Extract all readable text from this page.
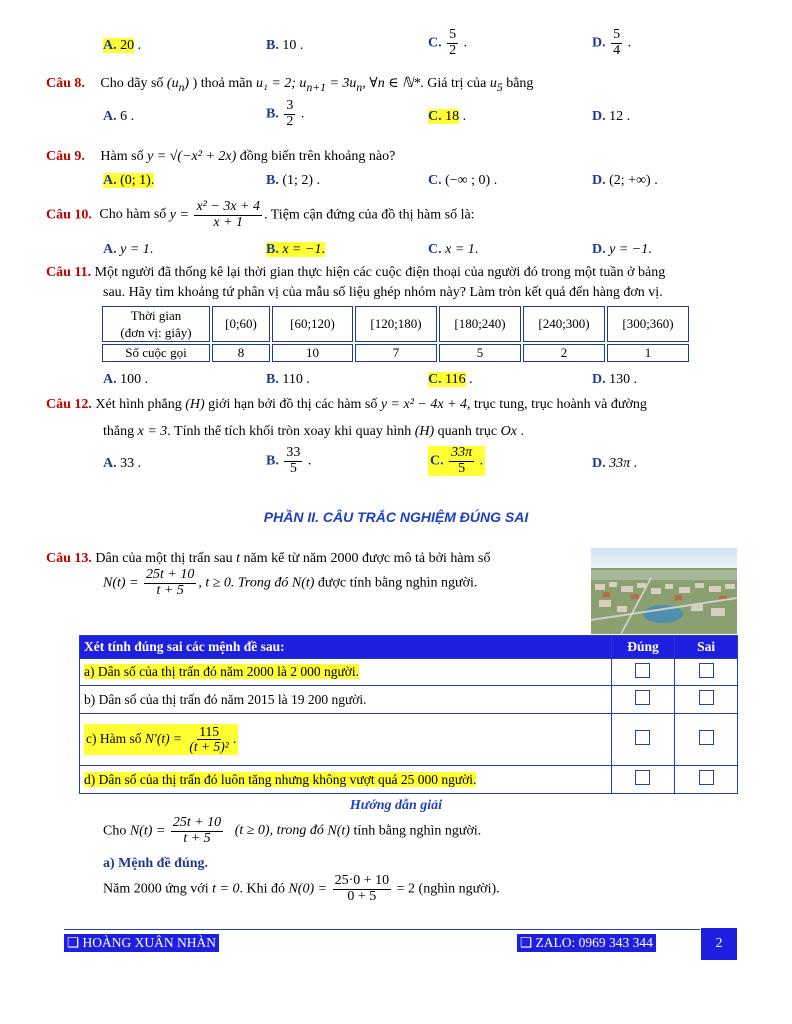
A. 20 .	B. 10 .	C. $\frac{5}{2}$ .	D. $\frac{5}{4}$ .
Câu 8. Cho dãy số $(u_n)$ ) thoả mãn u₁ = 2; $u_{n+1} = 3u_n$, ∀n ∈ ℕ*. Giá trị của $u_5$ bằng
A. 6 .	B. $\frac{3}{2}$ .	C. 18 .	D. 12 .
Câu 9. Hàm số y = √(−x² + 2x) đồng biến trên khoảng nào?
A. (0; 1).	B. (1; 2) .	C. (−∞ ; 0) .	D. (2; +∞) .
Câu 10. Cho hàm số $y = \frac{\text{x² − 3x + 4}}{x + 1}$ . Tiệm cận đứng của đồ thị hàm số là:
A. y = 1.	B. x = −1.	C. x = 1.	D. y = −1.
Câu 11. Một người đã thống kê lại thời gian thực hiện các cuộc điện thoại của người đó trong một tuần ở bảng
sau. Hãy tìm khoảng tứ phân vị của mẫu số liệu ghép nhóm này? Làm tròn kết quả đến hàng đơn vị.
Thời gian
(đơn vị: giây)	[0;60)	[60;120)	[120;180)	[180;240)	[240;300)	[300;360)
Số cuộc gọi	8	10	7	5	2	1
A. 100 .	B. 110 .	C. 116 .	D. 130 .
Câu 12. Xét hình phẳng (H) giới hạn bởi đồ thị các hàm số y = x² − 4x + 4, trục tung, trục hoành và đường
thẳng x = 3. Tính thể tích khối tròn xoay khi quay hình (H) quanh trục Ox .
A. 33 .	B. $\frac{33}{5}$ .	C. $\frac{33\pi}{5}$ .	D. 33π .
PHẦN II. CÂU TRẮC NGHIỆM ĐÚNG SAI
Câu 13. Dân của một thị trấn sau t năm kể từ năm 2000 được mô tả bởi hàm số
$N(t) = \frac{25t + 10}{t + 5}$ , t ≥ 0. Trong đó N(t) được tính bằng nghìn người.
Xét tính đúng sai các mệnh đề sau:	Đúng	Sai
a) Dân số của thị trấn đó năm 2000 là 2 000 người.		
b) Dân số của thị trấn đó năm 2015 là 19 200 người.		
c) Hàm số $N'(t) = \frac{115}{\text{(t + 5)²}}$ .		
d) Dân số của thị trấn đó luôn tăng nhưng không vượt quá 25 000 người.		
Hướng dẫn giải
Cho $N(t) = \frac{25t + 10}{t + 5} (t \ge 0)$, trong đó N(t) tính bằng nghìn người.
a) Mệnh đề đúng.
Năm 2000 ứng với t = 0. Khi đó $N(0) = \frac{25\cdot 0 + 10}{0 + 5} = 2$ (nghìn người).
❑ HOÀNG XUÂN NHÀN	❑ ZALO: 0969 343 344	2
